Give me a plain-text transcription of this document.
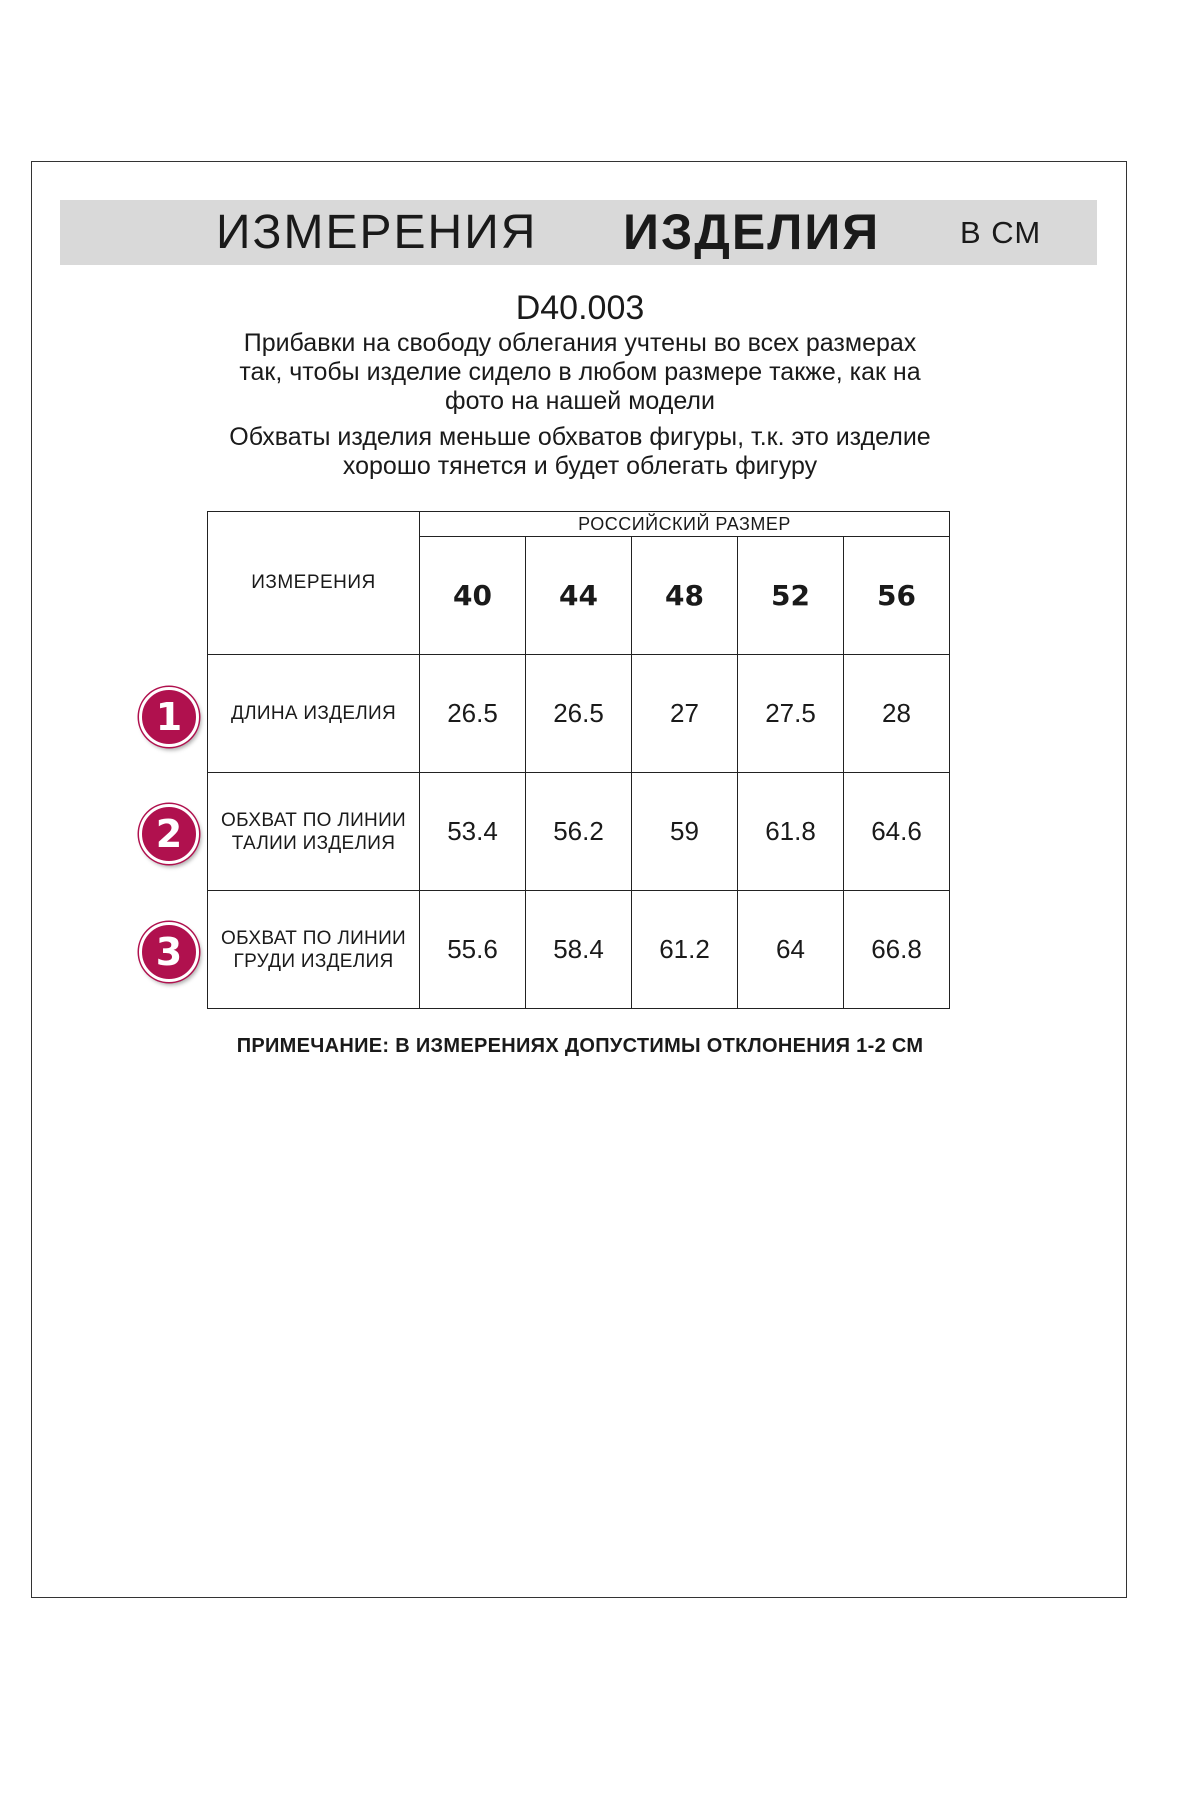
ИЗМЕРЕНИЯ ИЗДЕЛИЯ	В СМ
D40.003
Прибавки на свободу облегания учтены во всех размерах
так, чтобы изделие сидело в любом размере также, как на
фото на нашей модели
Обхваты изделия меньше обхватов фигуры, т.к. это изделие
хорошо тянется и будет облегать фигуру
ИЗМЕРЕНИЯ	РОССИЙСКИЙ РАЗМЕР				
	40	44	48	52	56

ДЛИНА ИЗДЕЛИЯ	26.5	26.5	27	27.5	28

ОБХВАТ ПО ЛИНИИ
ТАЛИИ ИЗДЕЛИЯ	53.4	56.2	59	61.8	64.6

ОБХВАТ ПО ЛИНИИ
ГРУДИ ИЗДЕЛИЯ	55.6	58.4	61.2	64	66.8
1
2
3
ПРИМЕЧАНИЕ: В ИЗМЕРЕНИЯХ ДОПУСТИМЫ ОТКЛОНЕНИЯ 1-2 СМ
